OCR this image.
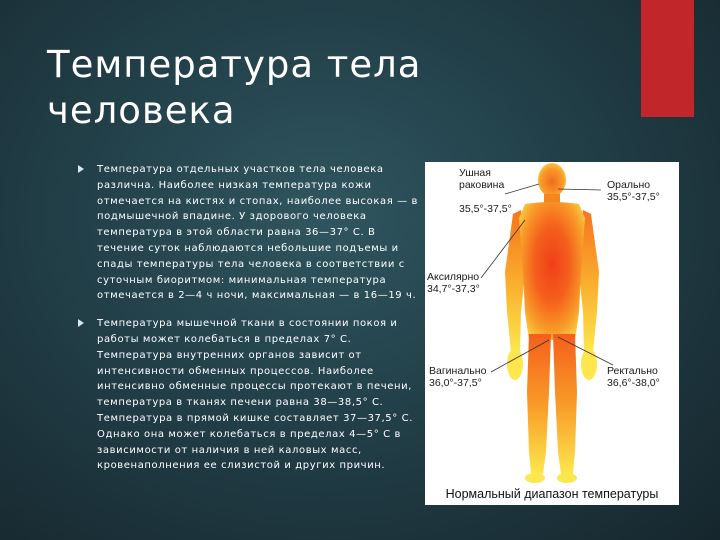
Температура тела человека

Температура отдельных участков тела человека различна. Наиболее низкая температура кожи отмечается на кистях и стопах, наиболее высокая — в подмышечной впадине. У здорового человека температура в этой области равна 36—37° С. В течение суток наблюдаются небольшие подъемы и спады температуры тела человека в соответствии с суточным биоритмом: минимальная температура отмечается в 2—4 ч ночи, максимальная — в 16—19 ч.

Температура мышечной ткани в состоянии покоя и работы может колебаться в пределах 7° С. Температура внутренних органов зависит от интенсивности обменных процессов. Наиболее интенсивно обменные процессы протекают в печени, температура в тканях печени равна 38—38,5° С. Температура в прямой кишке составляет 37—37,5° С. Однако она может колебаться в пределах 4—5° С в зависимости от наличия в ней каловых масс, кровенаполнения ее слизистой и других причин.

Ушная
раковина
35,5°-37,5°
Орально
35,5°-37,5°
Аксилярно
34,7°-37,3°
Вагинально
36,0°-37,5°
Ректально
36,6°-38,0°
Нормальный диапазон температуры
